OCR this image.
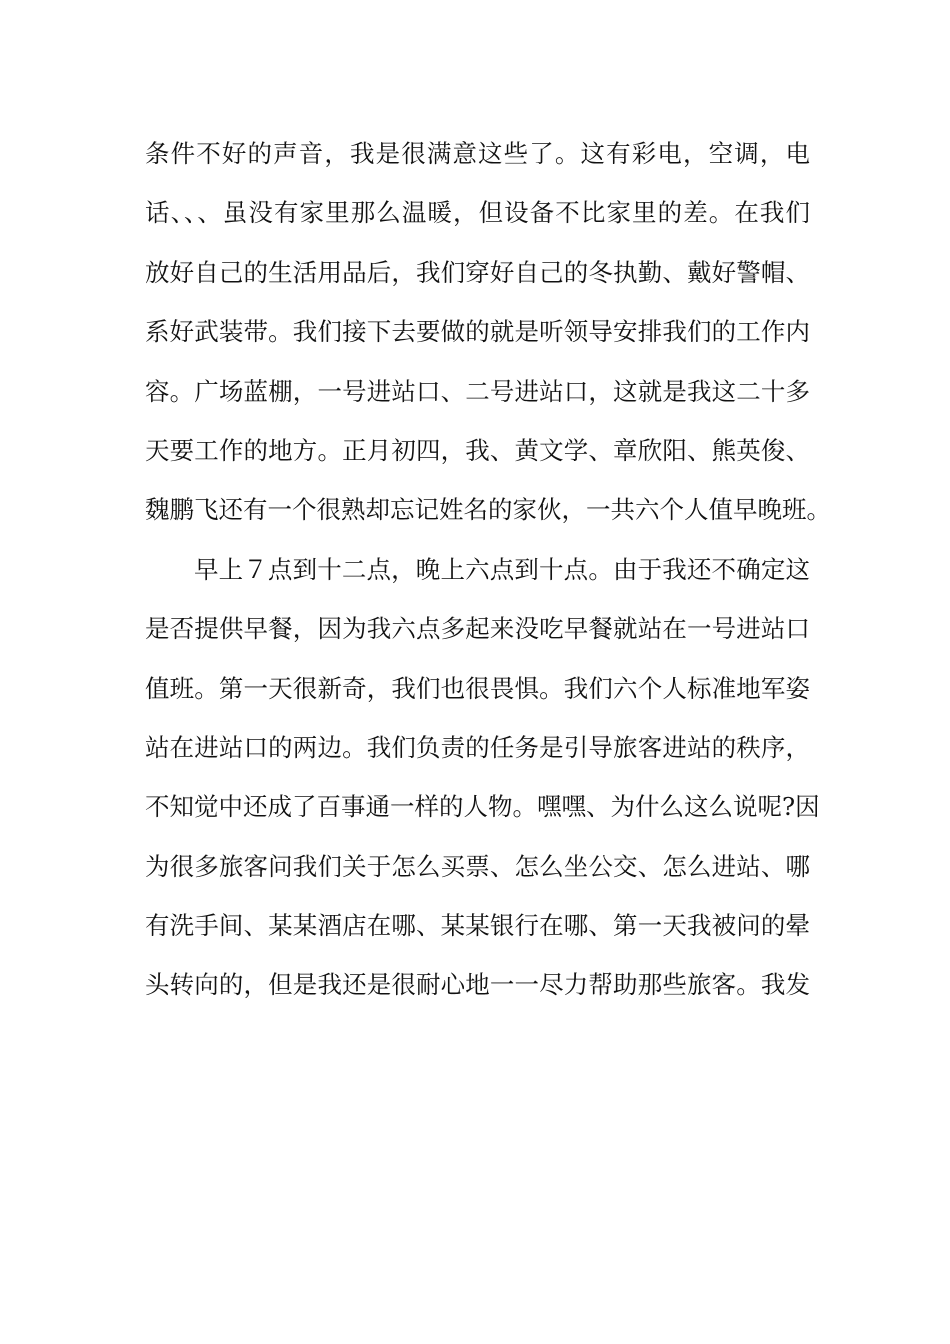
条件不好的声音，我是很满意这些了。这有彩电，空调，电
话、、、虽没有家里那么温暖，但设备不比家里的差。在我们
放好自己的生活用品后，我们穿好自己的冬执勤、戴好警帽、
系好武装带。我们接下去要做的就是听领导安排我们的工作内
容。广场蓝棚，一号进站口、二号进站口，这就是我这二十多
天要工作的地方。正月初四，我、黄文学、章欣阳、熊英俊、
魏鹏飞还有一个很熟却忘记姓名的家伙，一共六个人值早晚班。
早上７点到十二点，晚上六点到十点。由于我还不确定这
是否提供早餐，因为我六点多起来没吃早餐就站在一号进站口
值班。第一天很新奇，我们也很畏惧。我们六个人标准地军姿
站在进站口的两边。我们负责的任务是引导旅客进站的秩序，
不知觉中还成了百事通一样的人物。嘿嘿、为什么这么说呢?因
为很多旅客问我们关于怎么买票、怎么坐公交、怎么进站、哪
有洗手间、某某酒店在哪、某某银行在哪、第一天我被问的晕
头转向的，但是我还是很耐心地一一尽力帮助那些旅客。我发
